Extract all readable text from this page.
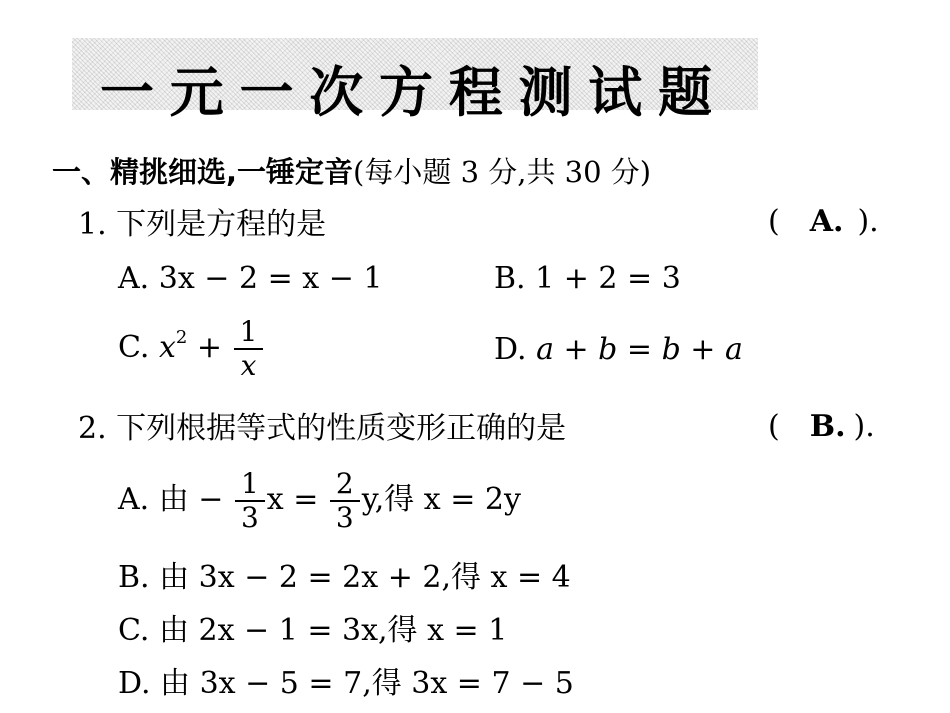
一 元 一 次 方 程 测 试 题
一、精挑细选,一锤定音(每小题 3 分,共 30 分)
1. 下列是方程的是	( A. ).
A. 3x − 2 = x − 1	B. 1 + 2 = 3
C. $x^2 + \frac{1}{x}$	D. a + b = b + a
2. 下列根据等式的性质变形正确的是	( B. ).
A. 由 − $\frac{1}{3}$ $x = \frac{2}{3} y$,得 x = 2y
B. 由 3x − 2 = 2x + 2,得 x = 4
C. 由 2x − 1 = 3x,得 x = 1
D. 由 3x − 5 = 7,得 3x = 7 − 5
